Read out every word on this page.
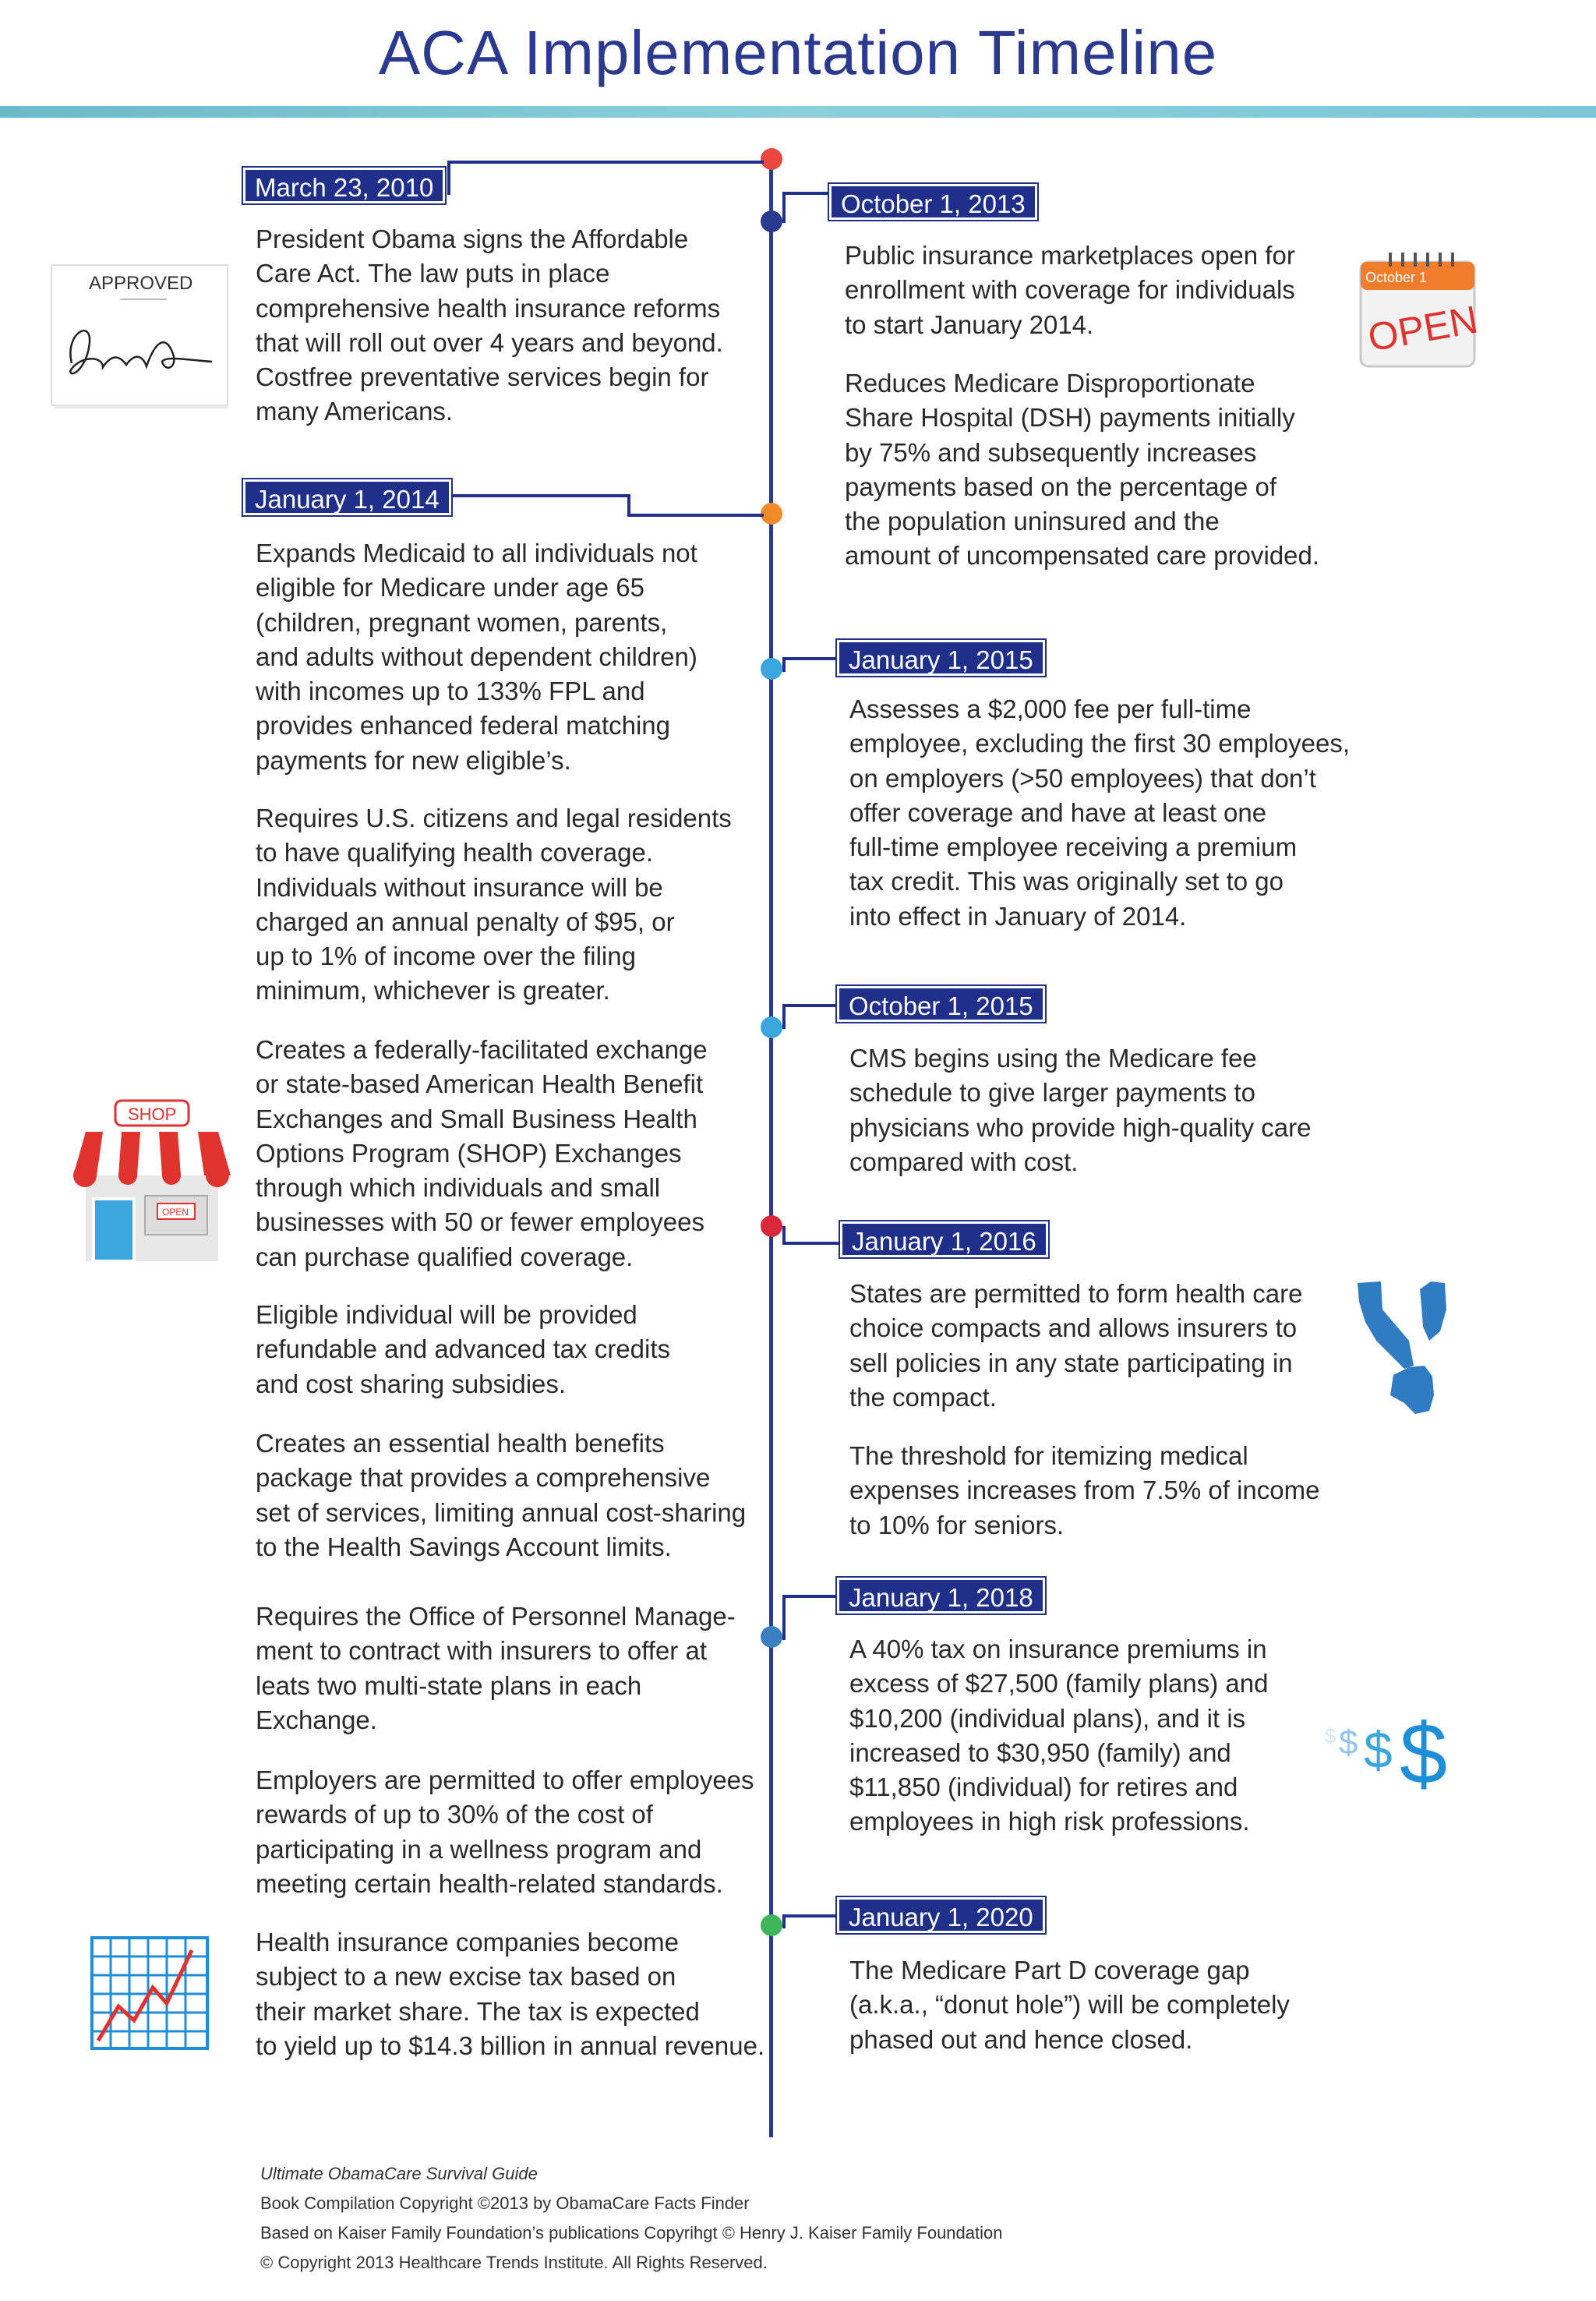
ACA Implementation Timeline
March 23, 2010
October 1, 2013
January 1, 2014
January 1, 2015
October 1, 2015
January 1, 2016
January 1, 2018
January 1, 2020
President Obama signs the Affordable
Care Act. The law puts in place
comprehensive health insurance reforms
that will roll out over 4 years and beyond.
Costfree preventative services begin for
many Americans.
Expands Medicaid to all individuals not
eligible for Medicare under age 65
(children, pregnant women, parents,
and adults without dependent children)
with incomes up to 133% FPL and
provides enhanced federal matching
payments for new eligible’s.
Requires U.S. citizens and legal residents
to have qualifying health coverage.
Individuals without insurance will be
charged an annual penalty of $95, or
up to 1% of income over the filing
minimum, whichever is greater.
Creates a federally-facilitated exchange
or state-based American Health Benefit
Exchanges and Small Business Health
Options Program (SHOP) Exchanges
through which individuals and small
businesses with 50 or fewer employees
can purchase qualified coverage.
Eligible individual will be provided
refundable and advanced tax credits
and cost sharing subsidies.
Creates an essential health benefits
package that provides a comprehensive
set of services, limiting annual cost-sharing
to the Health Savings Account limits.
Requires the Office of Personnel Manage-
ment to contract with insurers to offer at
leats two multi-state plans in each
Exchange.
Employers are permitted to offer employees
rewards of up to 30% of the cost of
participating in a wellness program and
meeting certain health-related standards.
Health insurance companies become
subject to a new excise tax based on
their market share. The tax is expected
to yield up to $14.3 billion in annual revenue.
Public insurance marketplaces open for
enrollment with coverage for individuals
to start January 2014.
Reduces Medicare Disproportionate
Share Hospital (DSH) payments initially
by 75% and subsequently increases
payments based on the percentage of
the population uninsured and the
amount of uncompensated care provided.
Assesses a $2,000 fee per full-time
employee, excluding the first 30 employees,
on employers (>50 employees) that don’t
offer coverage and have at least one
full-time employee receiving a premium
tax credit. This was originally set to go
into effect in January of 2014.
CMS begins using the Medicare fee
schedule to give larger payments to
physicians who provide high-quality care
compared with cost.
States are permitted to form health care
choice compacts and allows insurers to
sell policies in any state participating in
the compact.
The threshold for itemizing medical
expenses increases from 7.5% of income
to 10% for seniors.
A 40% tax on insurance premiums in
excess of $27,500 (family plans) and
$10,200 (individual plans), and it is
increased to $30,950 (family) and
$11,850 (individual) for retires and
employees in high risk professions.
The Medicare Part D coverage gap
(a.k.a., “donut hole”) will be completely
phased out and hence closed.
APPROVED	October 1
OPEN
SHOP
OPEN
$ $ $ $
Ultimate ObamaCare Survival Guide
Book Compilation Copyright ©2013 by ObamaCare Facts Finder
Based on Kaiser Family Foundation’s publications Copyrihgt © Henry J. Kaiser Family Foundation
© Copyright 2013 Healthcare Trends Institute. All Rights Reserved.
